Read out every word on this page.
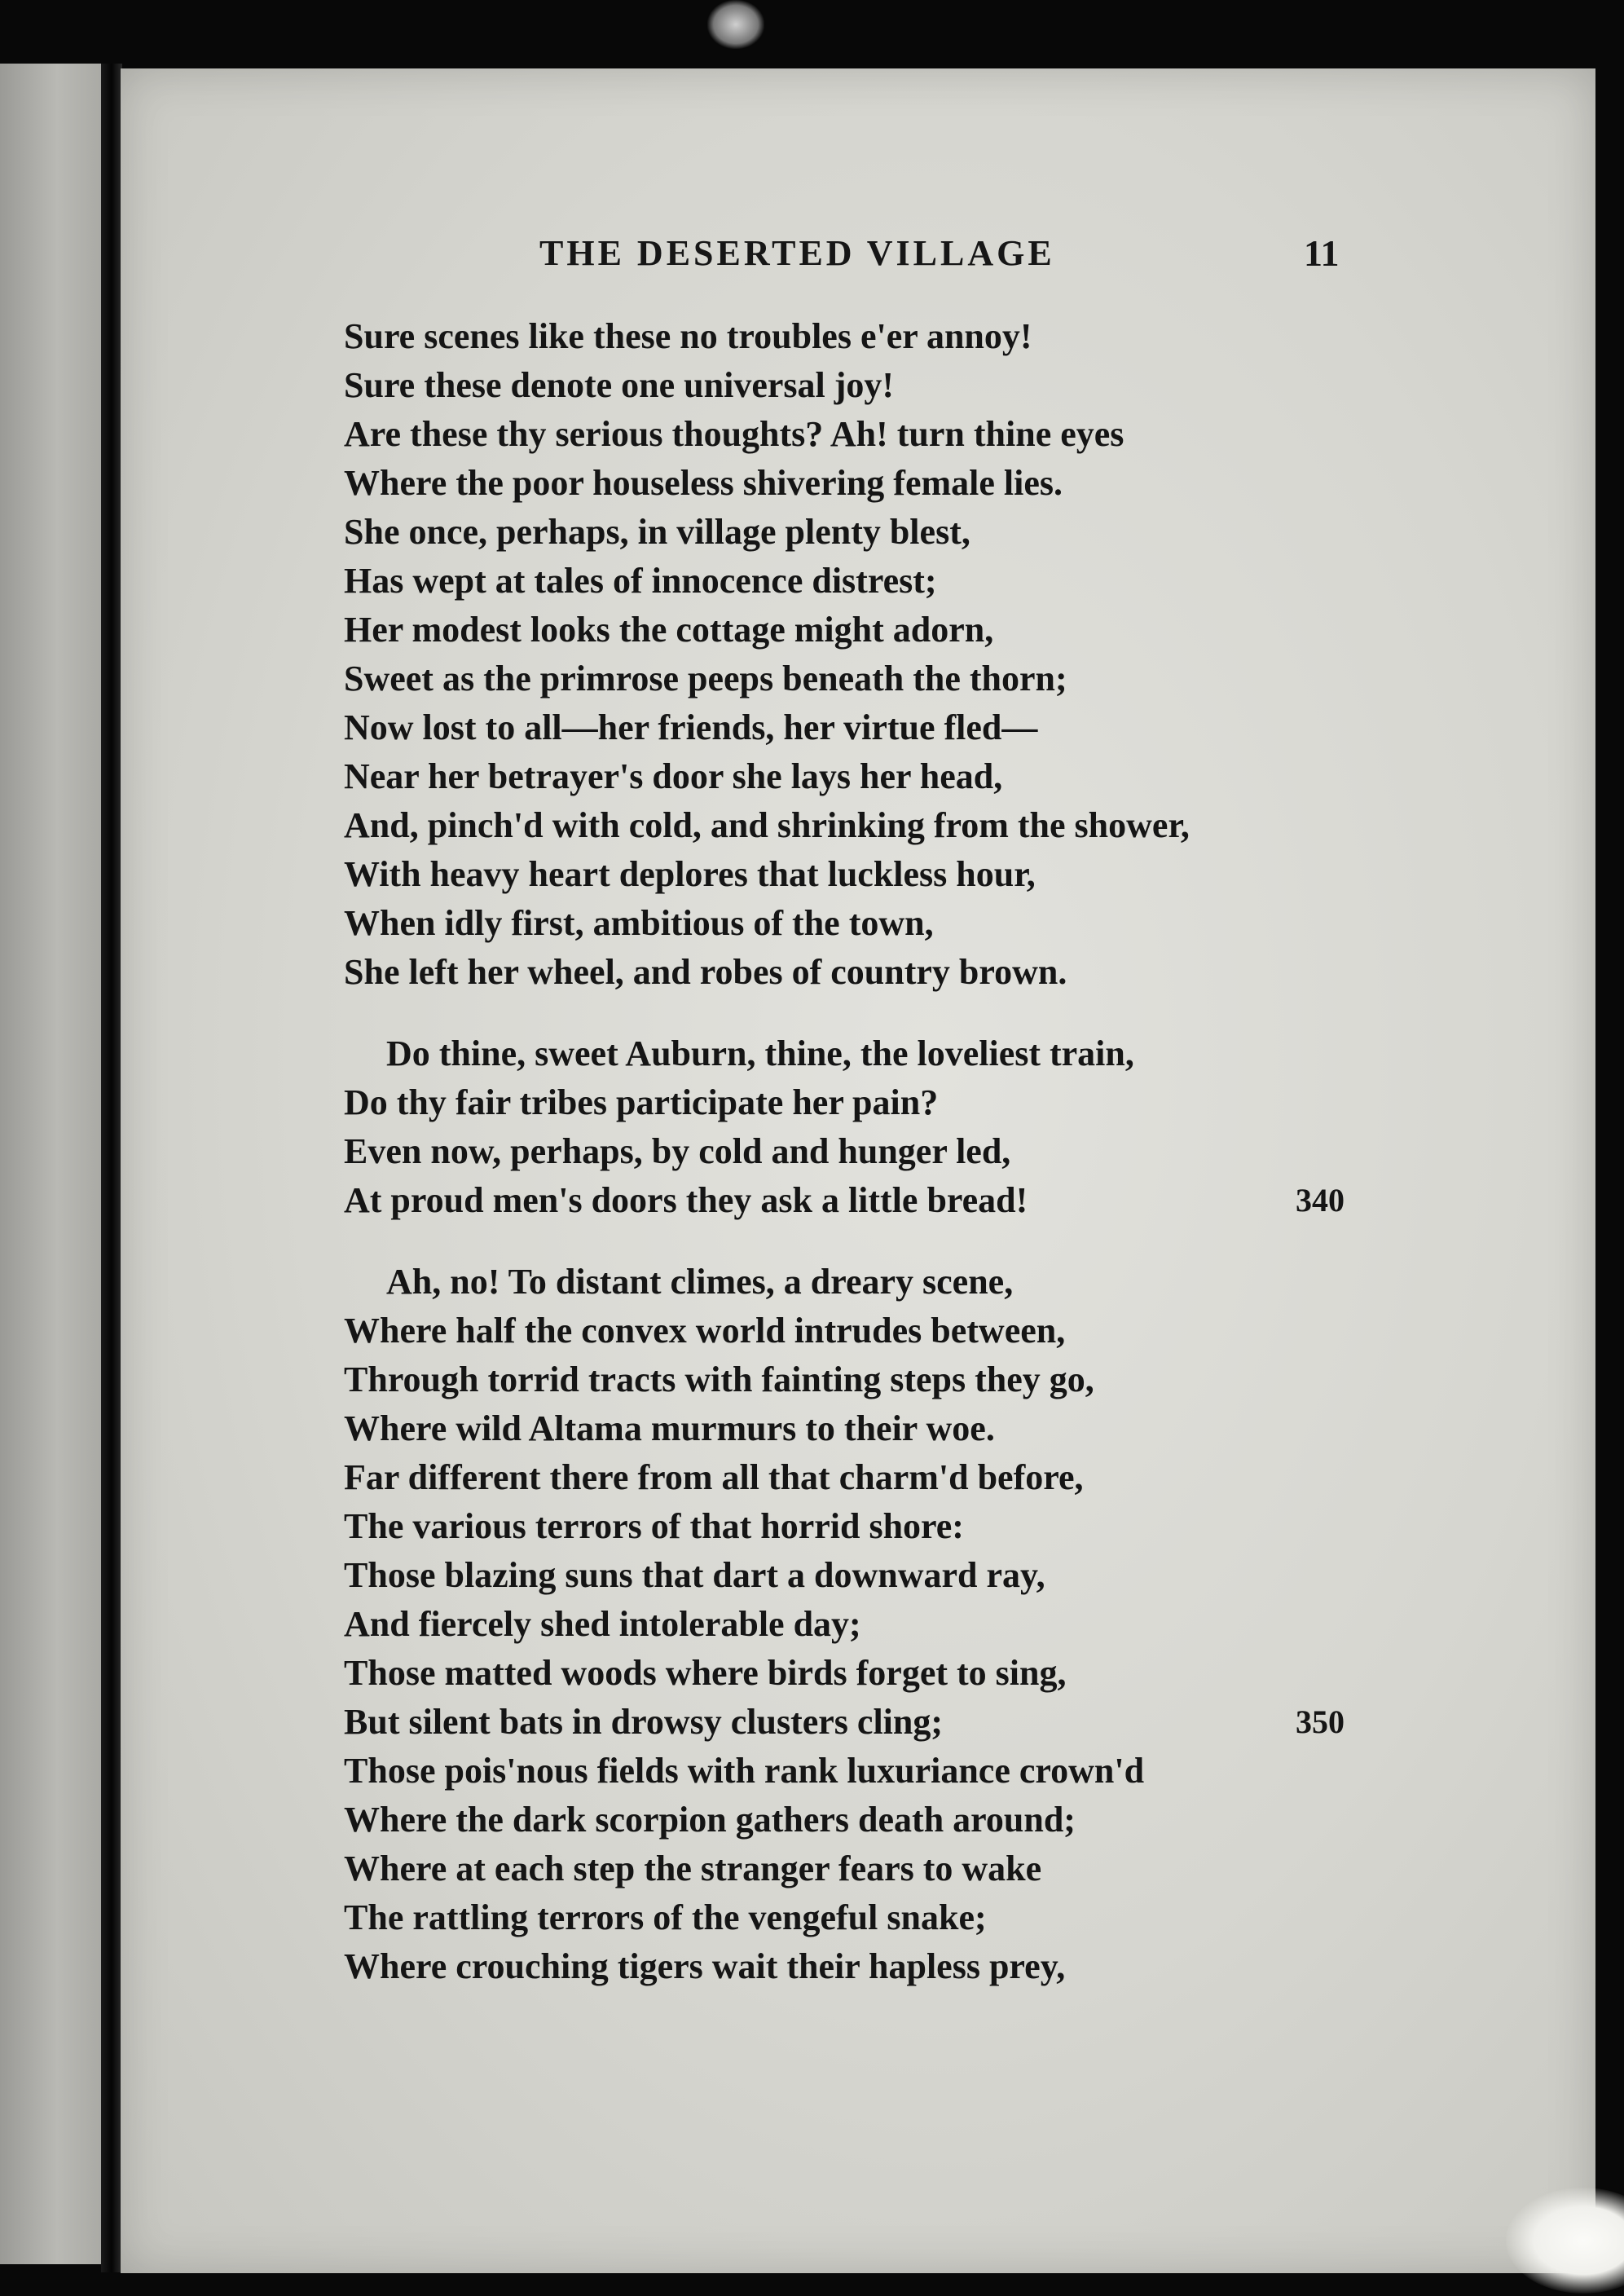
THE DESERTED VILLAGE	11
Sure scenes like these no troubles e'er annoy!
Sure these denote one universal joy!
Are these thy serious thoughts? Ah! turn thine eyes
Where the poor houseless shivering female lies.
She once, perhaps, in village plenty blest,
Has wept at tales of innocence distrest;
Her modest looks the cottage might adorn,
Sweet as the primrose peeps beneath the thorn;
Now lost to all—her friends, her virtue fled—
Near her betrayer's door she lays her head,
And, pinch'd with cold, and shrinking from the shower,
With heavy heart deplores that luckless hour,
When idly first, ambitious of the town,
She left her wheel, and robes of country brown.
Do thine, sweet Auburn, thine, the loveliest train,
Do thy fair tribes participate her pain?
Even now, perhaps, by cold and hunger led,
At proud men's doors they ask a little bread!	340
Ah, no! To distant climes, a dreary scene,
Where half the convex world intrudes between,
Through torrid tracts with fainting steps they go,
Where wild Altama murmurs to their woe.
Far different there from all that charm'd before,
The various terrors of that horrid shore:
Those blazing suns that dart a downward ray,
And fiercely shed intolerable day;
Those matted woods where birds forget to sing,
But silent bats in drowsy clusters cling;	350
Those pois'nous fields with rank luxuriance crown'd
Where the dark scorpion gathers death around;
Where at each step the stranger fears to wake
The rattling terrors of the vengeful snake;
Where crouching tigers wait their hapless prey,
